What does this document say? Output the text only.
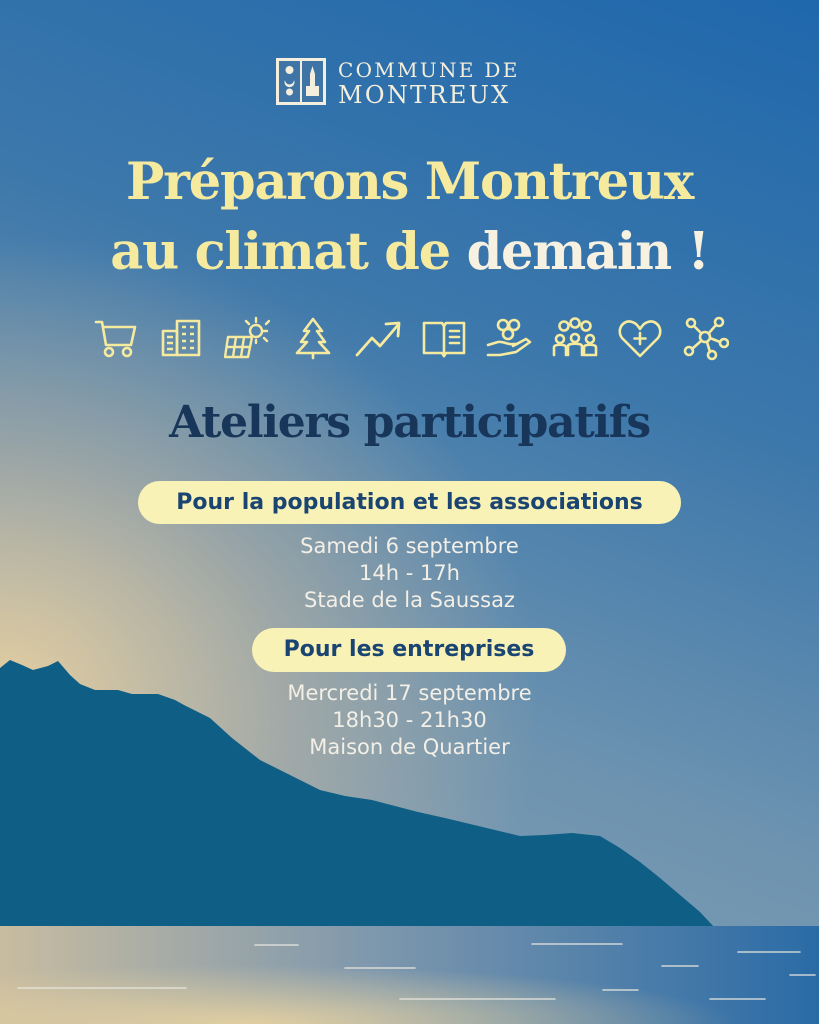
COMMUNE DE
MONTREUX
Préparons Montreux
au climat de demain !
Ateliers participatifs
Pour la population et les associations
Samedi 6 septembre
14h - 17h
Stade de la Saussaz
Pour les entreprises
Mercredi 17 septembre
18h30 - 21h30
Maison de Quartier
